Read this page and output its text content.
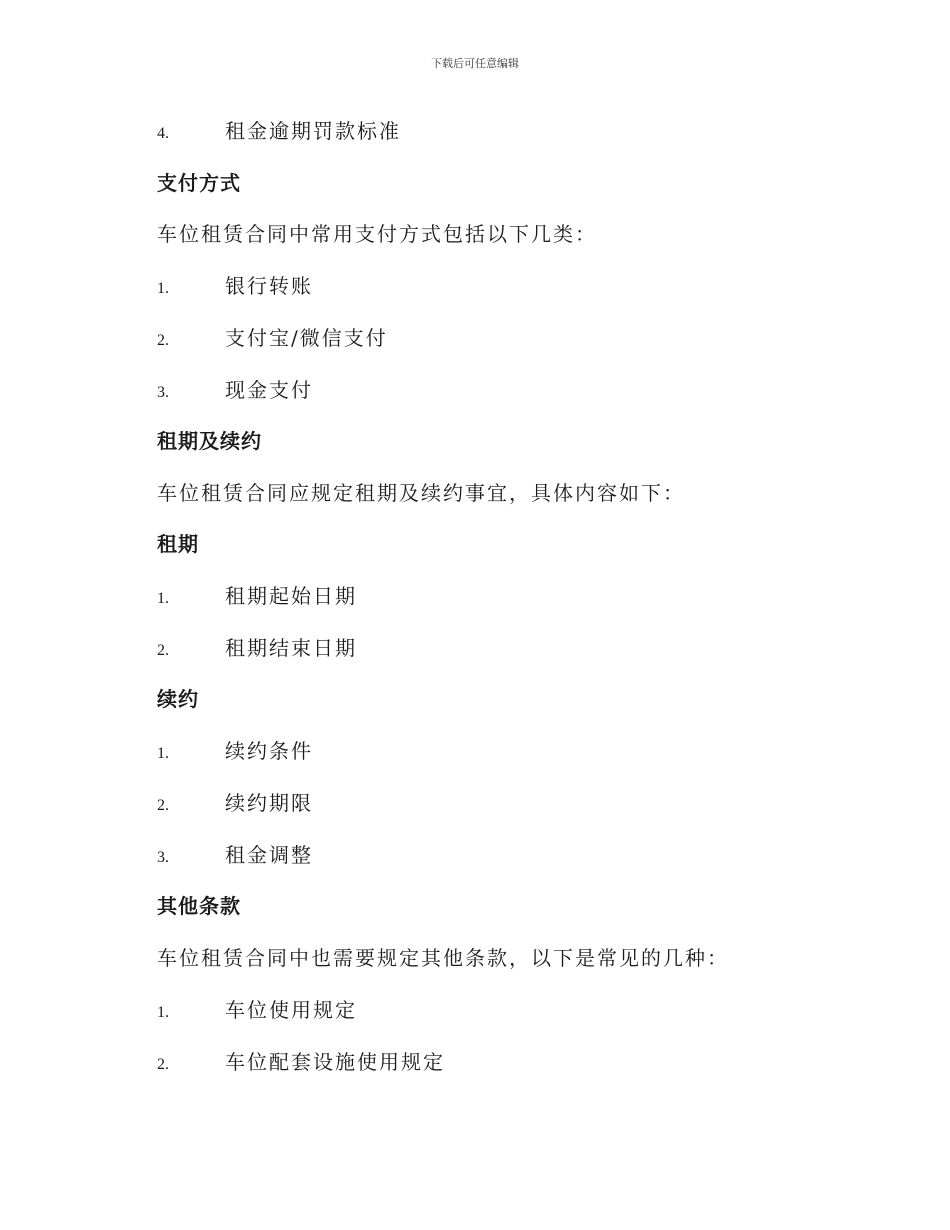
下载后可任意编辑
4.	租金逾期罚款标准
支付方式
车位租赁合同中常用支付方式包括以下几类：
1.	银行转账
2.	支付宝/微信支付
3.	现金支付
租期及续约
车位租赁合同应规定租期及续约事宜，具体内容如下：
租期
1.	租期起始日期
2.	租期结束日期
续约
1.	续约条件
2.	续约期限
3.	租金调整
其他条款
车位租赁合同中也需要规定其他条款，以下是常见的几种：
1.	车位使用规定
2.	车位配套设施使用规定
